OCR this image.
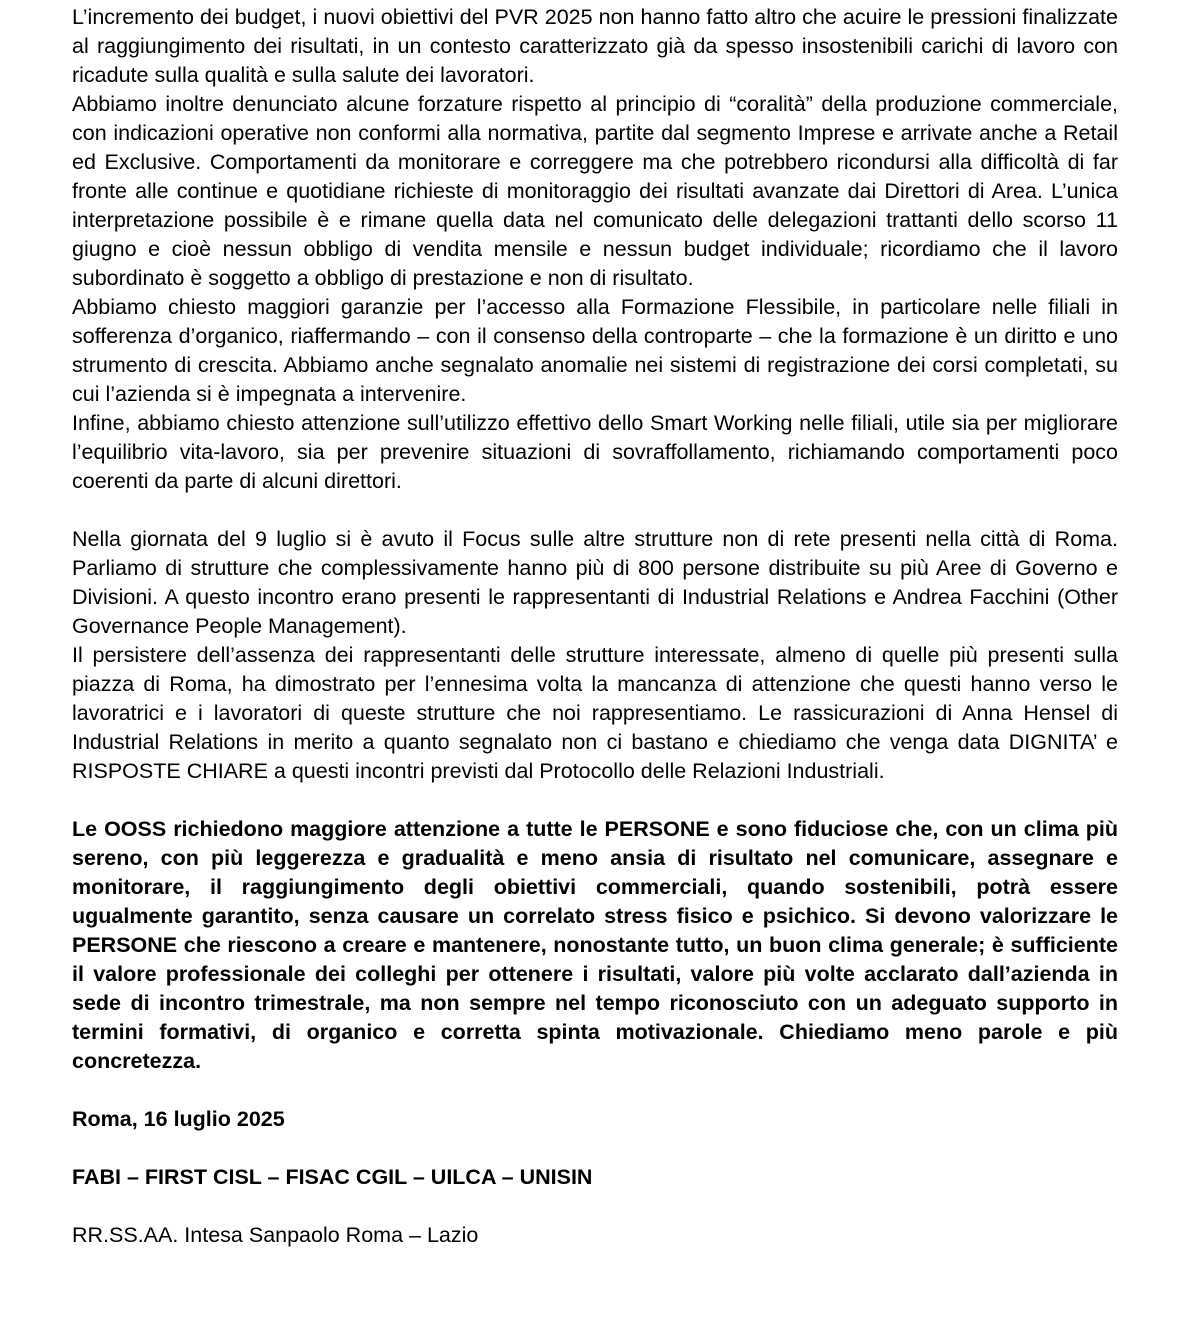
L’incremento dei budget, i nuovi obiettivi del PVR 2025 non hanno fatto altro che acuire le pressioni finalizzate al raggiungimento dei risultati, in un contesto caratterizzato già da spesso insostenibili carichi di lavoro con ricadute sulla qualità e sulla salute dei lavoratori.

Abbiamo inoltre denunciato alcune forzature rispetto al principio di “coralità” della produzione commerciale, con indicazioni operative non conformi alla normativa, partite dal segmento Imprese e arrivate anche a Retail ed Exclusive. Comportamenti da monitorare e correggere ma che potrebbero ricondursi alla difficoltà di far fronte alle continue e quotidiane richieste di monitoraggio dei risultati avanzate dai Direttori di Area. L’unica interpretazione possibile è e rimane quella data nel comunicato delle delegazioni trattanti dello scorso 11 giugno e cioè nessun obbligo di vendita mensile e nessun budget individuale; ricordiamo che il lavoro subordinato è soggetto a obbligo di prestazione e non di risultato.

Abbiamo chiesto maggiori garanzie per l’accesso alla Formazione Flessibile, in particolare nelle filiali in sofferenza d’organico, riaffermando – con il consenso della controparte – che la formazione è un diritto e uno strumento di crescita. Abbiamo anche segnalato anomalie nei sistemi di registrazione dei corsi completati, su cui l’azienda si è impegnata a intervenire.

Infine, abbiamo chiesto attenzione sull’utilizzo effettivo dello Smart Working nelle filiali, utile sia per migliorare l’equilibrio vita-lavoro, sia per prevenire situazioni di sovraffollamento, richiamando comportamenti poco coerenti da parte di alcuni direttori.

Nella giornata del 9 luglio si è avuto il Focus sulle altre strutture non di rete presenti nella città di Roma. Parliamo di strutture che complessivamente hanno più di 800 persone distribuite su più Aree di Governo e Divisioni. A questo incontro erano presenti le rappresentanti di Industrial Relations e Andrea Facchini (Other Governance People Management).

Il persistere dell’assenza dei rappresentanti delle strutture interessate, almeno di quelle più presenti sulla piazza di Roma, ha dimostrato per l’ennesima volta la mancanza di attenzione che questi hanno verso le lavoratrici e i lavoratori di queste strutture che noi rappresentiamo. Le rassicurazioni di Anna Hensel di Industrial Relations in merito a quanto segnalato non ci bastano e chiediamo che venga data DIGNITA’ e RISPOSTE CHIARE a questi incontri previsti dal Protocollo delle Relazioni Industriali.

Le OOSS richiedono maggiore attenzione a tutte le PERSONE e sono fiduciose che, con un clima più sereno, con più leggerezza e gradualità e meno ansia di risultato nel comunicare, assegnare e monitorare, il raggiungimento degli obiettivi commerciali, quando sostenibili, potrà essere ugualmente garantito, senza causare un correlato stress fisico e psichico. Si devono valorizzare le PERSONE che riescono a creare e mantenere, nonostante tutto, un buon clima generale; è sufficiente il valore professionale dei colleghi per ottenere i risultati, valore più volte acclarato dall’azienda in sede di incontro trimestrale, ma non sempre nel tempo riconosciuto con un adeguato supporto in termini formativi, di organico e corretta spinta motivazionale. Chiediamo meno parole e più concretezza.

Roma, 16 luglio 2025

FABI – FIRST CISL – FISAC CGIL – UILCA – UNISIN

RR.SS.AA. Intesa Sanpaolo Roma – Lazio
